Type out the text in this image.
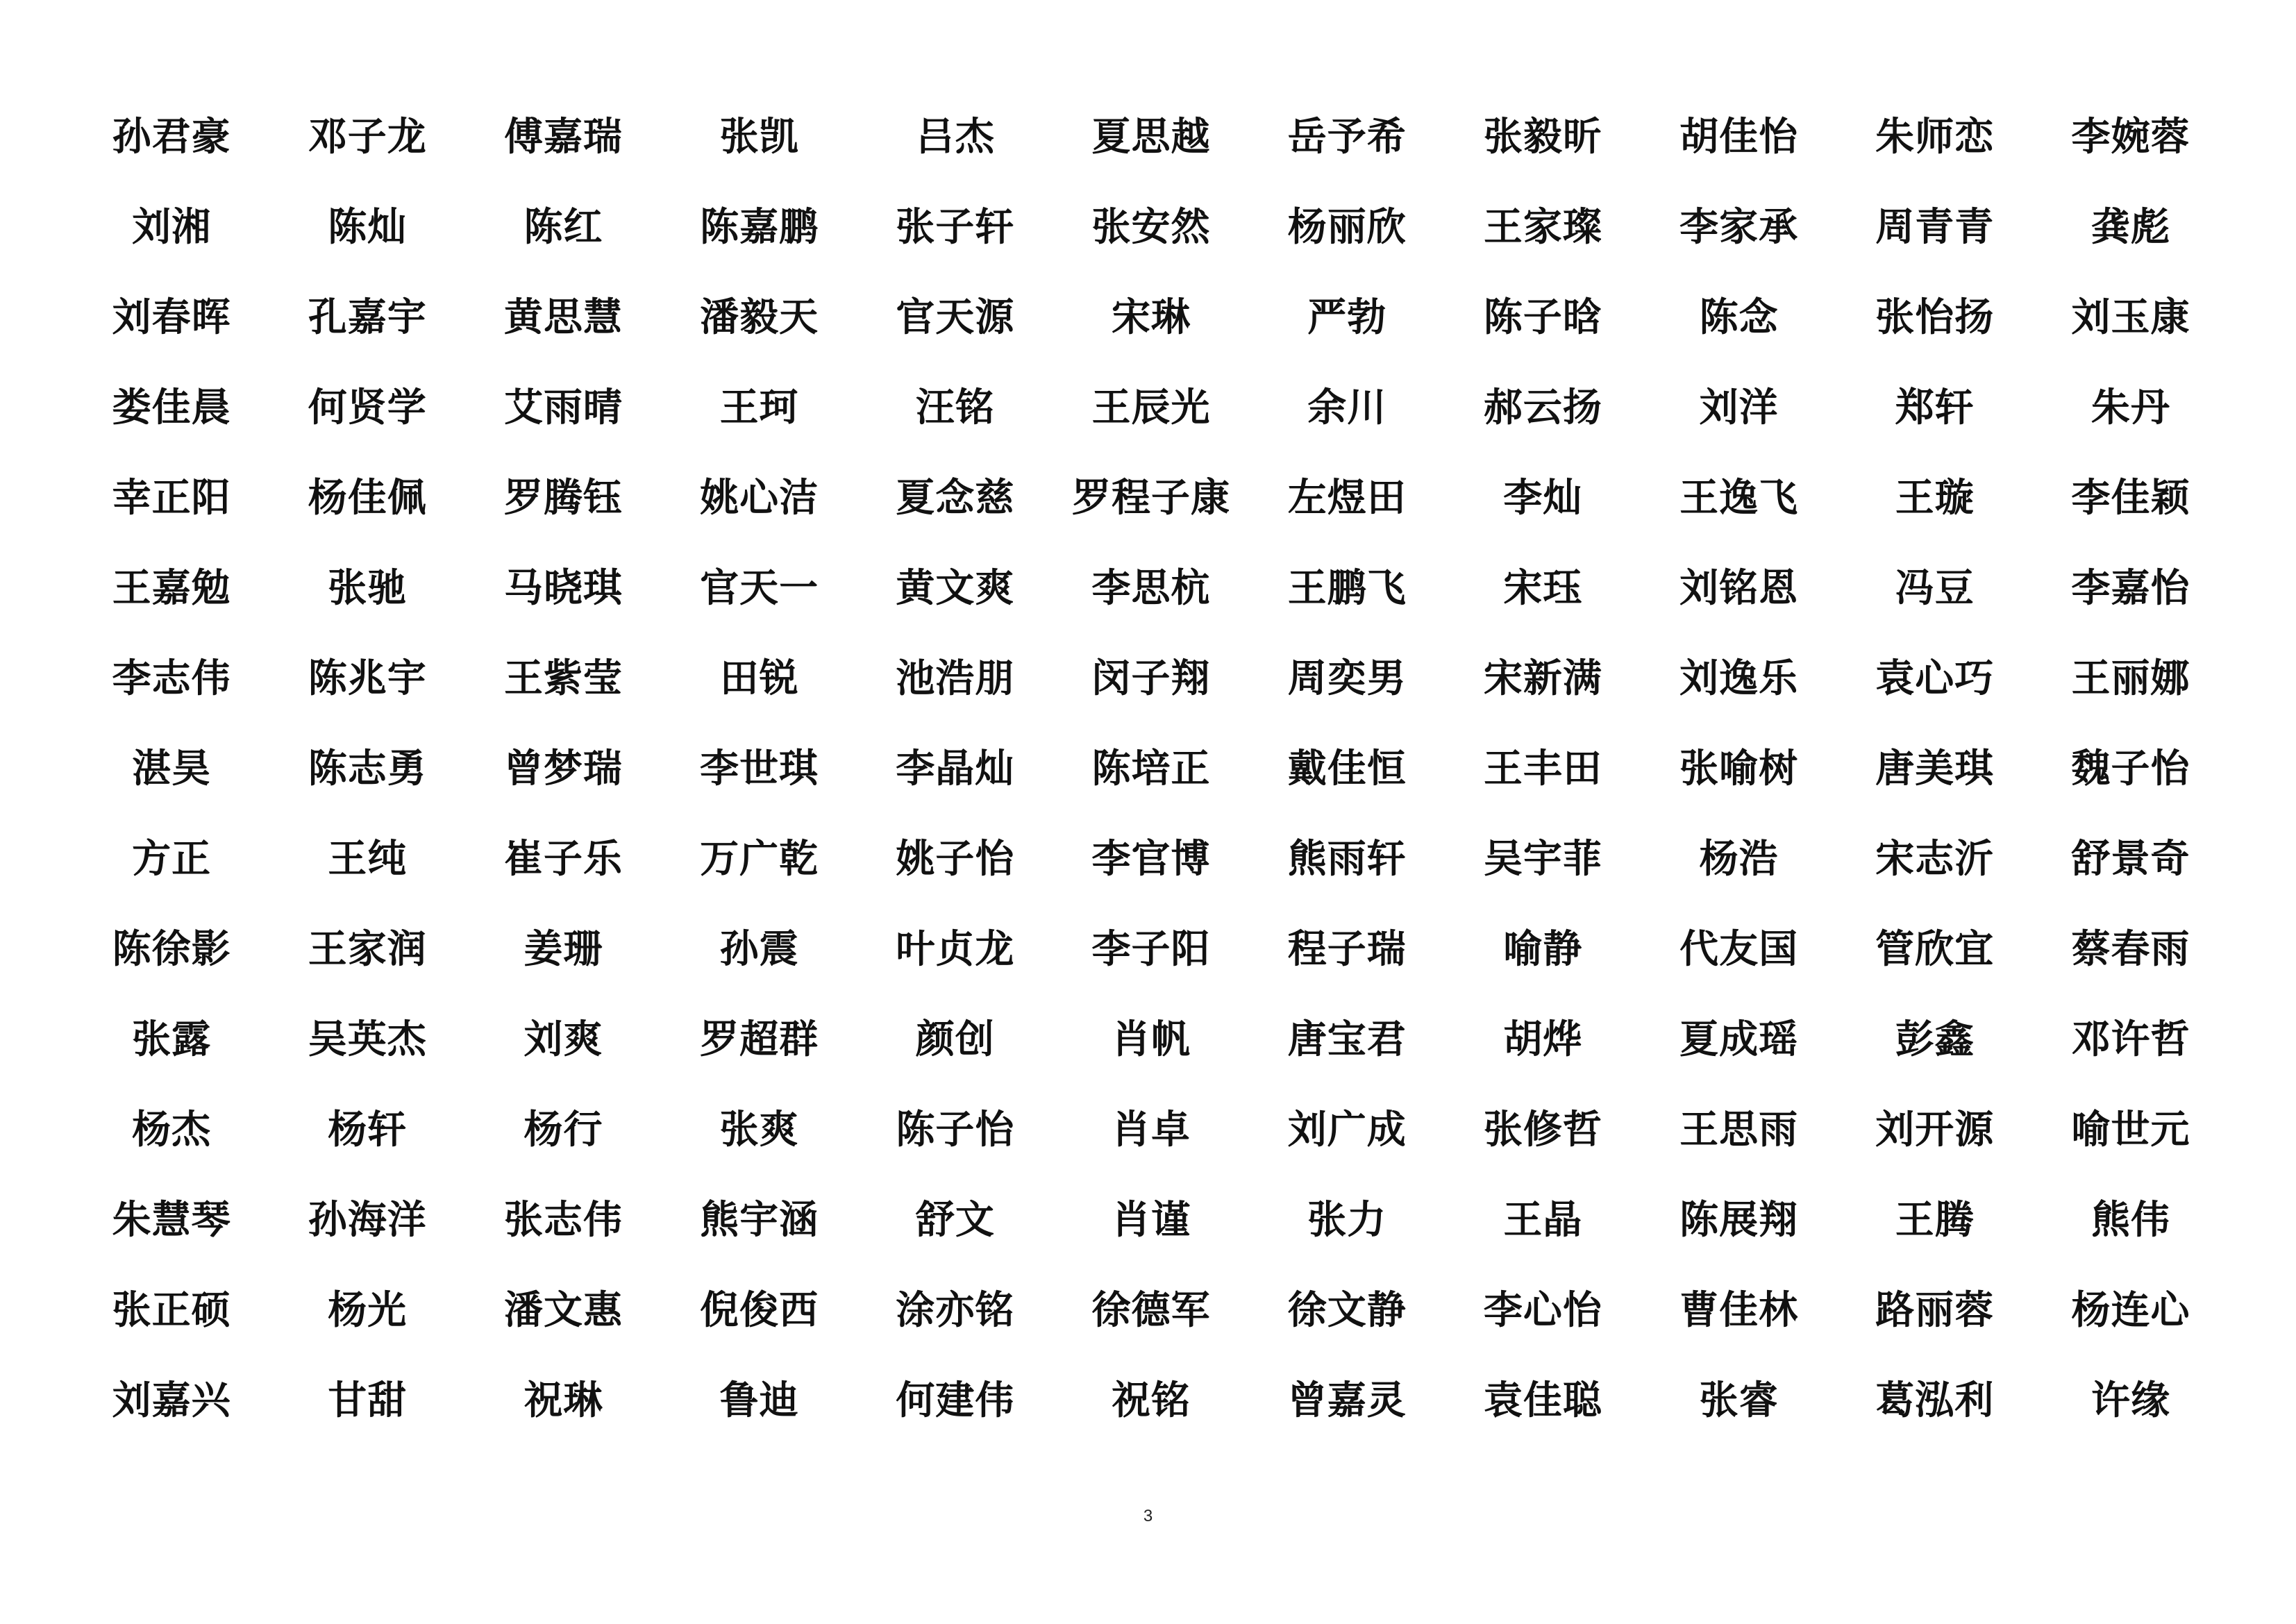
孙君豪	邓子龙	傅嘉瑞	张凯	吕杰	夏思越	岳予希	张毅昕	胡佳怡	朱师恋	李婉蓉
刘湘	陈灿	陈红	陈嘉鹏	张子轩	张安然	杨丽欣	王家璨	李家承	周青青	龚彪
刘春晖	孔嘉宇	黄思慧	潘毅天	官天源	宋琳	严勃	陈子晗	陈念	张怡扬	刘玉康
娄佳晨	何贤学	艾雨晴	王珂	汪铭	王辰光	余川	郝云扬	刘洋	郑轩	朱丹
幸正阳	杨佳佩	罗腾钰	姚心洁	夏念慈	罗程子康	左煜田	李灿	王逸飞	王璇	李佳颖
王嘉勉	张驰	马晓琪	官天一	黄文爽	李思杭	王鹏飞	宋珏	刘铭恩	冯豆	李嘉怡
李志伟	陈兆宇	王紫莹	田锐	池浩朋	闵子翔	周奕男	宋新满	刘逸乐	袁心巧	王丽娜
湛昊	陈志勇	曾梦瑞	李世琪	李晶灿	陈培正	戴佳恒	王丰田	张喻树	唐美琪	魏子怡
方正	王纯	崔子乐	万广乾	姚子怡	李官博	熊雨轩	吴宇菲	杨浩	宋志沂	舒景奇
陈徐影	王家润	姜珊	孙震	叶贞龙	李子阳	程子瑞	喻静	代友国	管欣宜	蔡春雨
张露	吴英杰	刘爽	罗超群	颜创	肖帆	唐宝君	胡烨	夏成瑶	彭鑫	邓许哲
杨杰	杨轩	杨行	张爽	陈子怡	肖卓	刘广成	张修哲	王思雨	刘开源	喻世元
朱慧琴	孙海洋	张志伟	熊宇涵	舒文	肖谨	张力	王晶	陈展翔	王腾	熊伟
张正硕	杨光	潘文惠	倪俊西	涂亦铭	徐德军	徐文静	李心怡	曹佳林	路丽蓉	杨连心
刘嘉兴	甘甜	祝琳	鲁迪	何建伟	祝铭	曾嘉灵	袁佳聪	张睿	葛泓利	许缘
3
